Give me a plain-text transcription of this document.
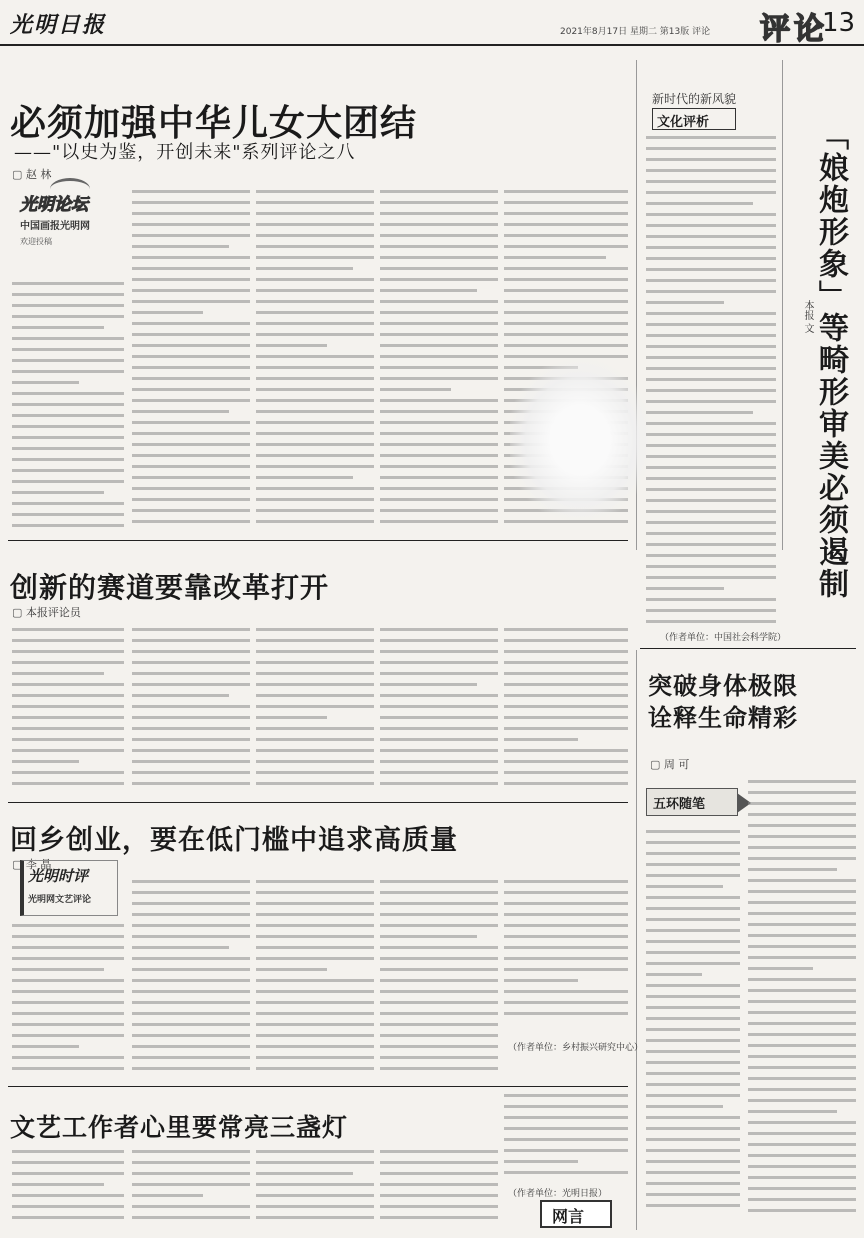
光明日报	2021年8月17日 星期二 第13版 评论 评论
13
必须加强中华儿女大团结
——"以史为鉴，开创未来"系列评论之八
▢ 赵 林
光明论坛
中国画报光明网
欢迎投稿
新时代的新风貌
文化评析	「娘炮形象」等畸形审美必须遏制
本报 文
（作者单位：中国社会科学院）
创新的赛道要靠改革打开
▢ 本报评论员
突破身体极限
诠释生命精彩
▢ 周 可
五环随笔
回乡创业，要在低门槛中追求高质量
▢ 李 晶
光明时评
光明网文艺评论
（作者单位：乡村振兴研究中心）
文艺工作者心里要常亮三盏灯
（作者单位：光明日报）
网言
